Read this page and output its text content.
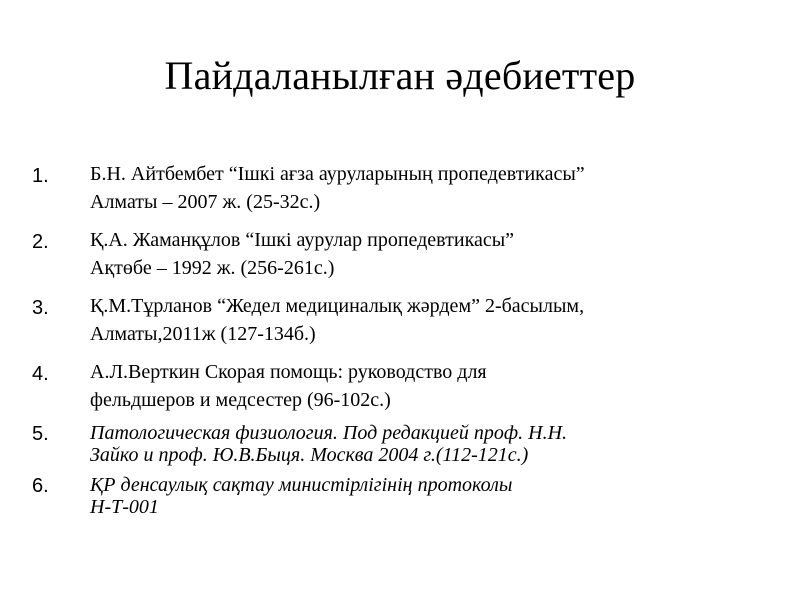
Пайдаланылған әдебиеттер
1.	Б.Н. Айтбембет “Ішкі ағза ауруларының пропедевтикасы”
Алматы – 2007 ж. (25-32с.)
2.	Қ.А. Жаманқұлов “Ішкі аурулар пропедевтикасы”
Ақтөбе – 1992 ж. (256-261с.)
3.	Қ.М.Тұрланов “Жедел медициналық жәрдем” 2-басылым,
Алматы,2011ж (127-134б.)
4.	А.Л.Верткин Скорая помощь: руководство для
фельдшеров и медсестер (96-102с.)
5.	Патологическая физиология. Под редакцией проф. Н.Н.
Зайко и проф. Ю.В.Быця. Москва 2004 г.(112-121с.)
6.	ҚР денсаулық сақтау министірлігінің протоколы
Н-Т-001
